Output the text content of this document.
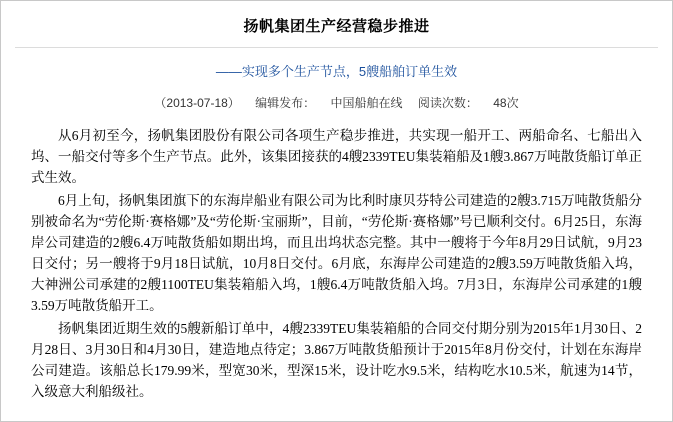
扬帆集团生产经营稳步推进
——实现多个生产节点，5艘船舶订单生效
（2013-07-18） 编辑发布： 中国船舶在线 阅读次数： 48次

从6月初至今，扬帆集团股份有限公司各项生产稳步推进，共实现一船开工、两船命名、七船出入坞、一船交付等多个生产节点。此外，该集团接获的4艘2339TEU集装箱船及1艘3.867万吨散货船订单正式生效。

6月上旬，扬帆集团旗下的东海岸船业有限公司为比利时康贝芬特公司建造的2艘3.715万吨散货船分别被命名为“劳伦斯·赛格娜”及“劳伦斯·宝丽斯”，目前，“劳伦斯·赛格娜”号已顺利交付。6月25日，东海岸公司建造的2艘6.4万吨散货船如期出坞，而且出坞状态完整。其中一艘将于今年8月29日试航，9月23日交付；另一艘将于9月18日试航，10月8日交付。6月底，东海岸公司建造的2艘3.59万吨散货船入坞，大神洲公司承建的2艘1100TEU集装箱船入坞，1艘6.4万吨散货船入坞。7月3日，东海岸公司承建的1艘3.59万吨散货船开工。

扬帆集团近期生效的5艘新船订单中，4艘2339TEU集装箱船的合同交付期分别为2015年1月30日、2月28日、3月30日和4月30日，建造地点待定；3.867万吨散货船预计于2015年8月份交付，计划在东海岸公司建造。该船总长179.99米，型宽30米，型深15米，设计吃水9.5米，结构吃水10.5米，航速为14节，入级意大利船级社。
